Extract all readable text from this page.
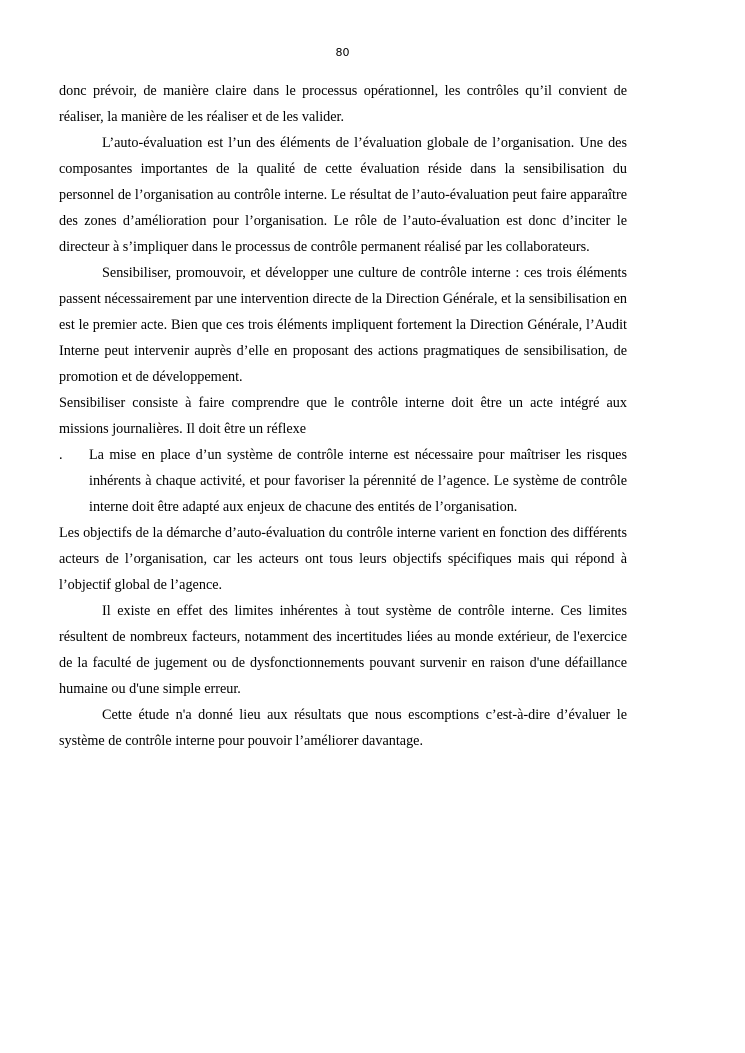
80

donc prévoir, de manière claire dans le processus opérationnel, les contrôles qu’il convient de réaliser, la manière de les réaliser et de les valider.

L’auto-évaluation est l’un des éléments de l’évaluation globale de l’organisation. Une des composantes importantes de la qualité de cette évaluation réside dans la sensibilisation du personnel de l’organisation au contrôle interne. Le résultat de l’auto-évaluation peut faire apparaître des zones d’amélioration pour l’organisation. Le rôle de l’auto-évaluation est donc d’inciter le directeur à s’impliquer dans le processus de contrôle permanent réalisé par les collaborateurs.

Sensibiliser, promouvoir, et développer une culture de contrôle interne : ces trois éléments passent nécessairement par une intervention directe de la Direction Générale, et la sensibilisation en est le premier acte. Bien que ces trois éléments impliquent fortement la Direction Générale, l’Audit Interne peut intervenir auprès d’elle en proposant des actions pragmatiques de sensibilisation, de promotion et de développement.

Sensibiliser consiste à faire comprendre que le contrôle interne doit être un acte intégré aux missions journalières. Il doit être un réflexe

.	La mise en place d’un système de contrôle interne est nécessaire pour maîtriser les risques inhérents à chaque activité, et pour favoriser la pérennité de l’agence. Le système de contrôle interne doit être adapté aux enjeux de chacune des entités de l’organisation.

Les objectifs de la démarche d’auto-évaluation du contrôle interne varient en fonction des différents acteurs de l’organisation, car les acteurs ont tous leurs objectifs spécifiques mais qui répond à l’objectif global de l’agence.

Il existe en effet des limites inhérentes à tout système de contrôle interne. Ces limites résultent de nombreux facteurs, notamment des incertitudes liées au monde extérieur, de l'exercice de la faculté de jugement ou de dysfonctionnements pouvant survenir en raison d'une défaillance humaine ou d'une simple erreur.

Cette étude n'a donné lieu aux résultats que nous escomptions c’est-à-dire d’évaluer le système de contrôle interne pour pouvoir l’améliorer davantage.
